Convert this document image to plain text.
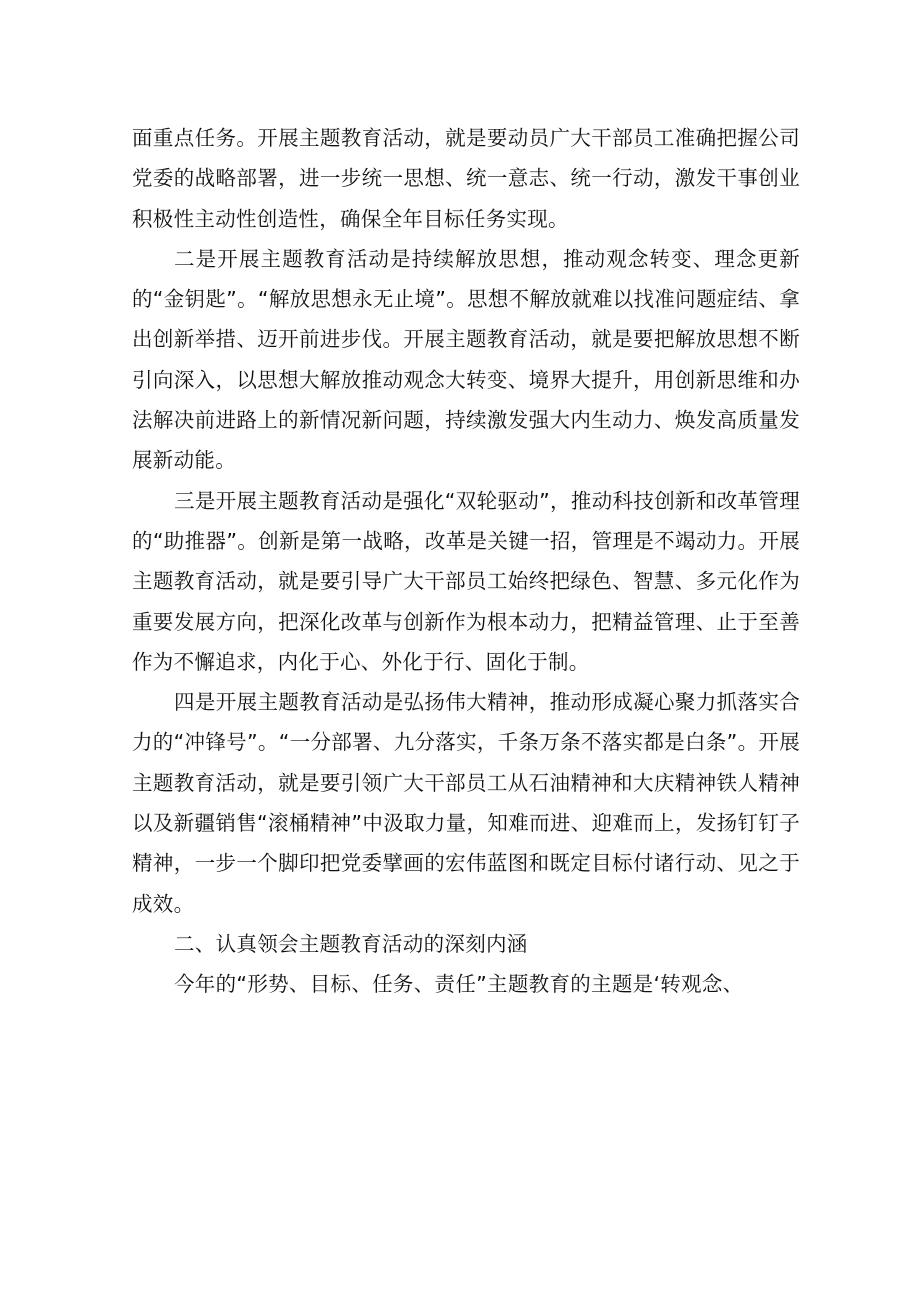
面重点任务。开展主题教育活动，就是要动员广大干部员工准确把握公司党委的战略部署，进一步统一思想、统一意志、统一行动，激发干事创业积极性主动性创造性，确保全年目标任务实现。

二是开展主题教育活动是持续解放思想，推动观念转变、理念更新的“金钥匙”。“解放思想永无止境”。思想不解放就难以找准问题症结、拿出创新举措、迈开前进步伐。开展主题教育活动，就是要把解放思想不断引向深入，以思想大解放推动观念大转变、境界大提升，用创新思维和办法解决前进路上的新情况新问题，持续激发强大内生动力、焕发高质量发展新动能。

三是开展主题教育活动是强化“双轮驱动”，推动科技创新和改革管理的“助推器”。创新是第一战略，改革是关键一招，管理是不竭动力。开展主题教育活动，就是要引导广大干部员工始终把绿色、智慧、多元化作为重要发展方向，把深化改革与创新作为根本动力，把精益管理、止于至善作为不懈追求，内化于心、外化于行、固化于制。

四是开展主题教育活动是弘扬伟大精神，推动形成凝心聚力抓落实合力的“冲锋号”。“一分部署、九分落实，千条万条不落实都是白条”。开展主题教育活动，就是要引领广大干部员工从石油精神和大庆精神铁人精神以及新疆销售“滚桶精神”中汲取力量，知难而进、迎难而上，发扬钉钉子精神，一步一个脚印把党委擘画的宏伟蓝图和既定目标付诸行动、见之于成效。

二、认真领会主题教育活动的深刻内涵

今年的“形势、目标、任务、责任”主题教育的主题是‘转观念、
